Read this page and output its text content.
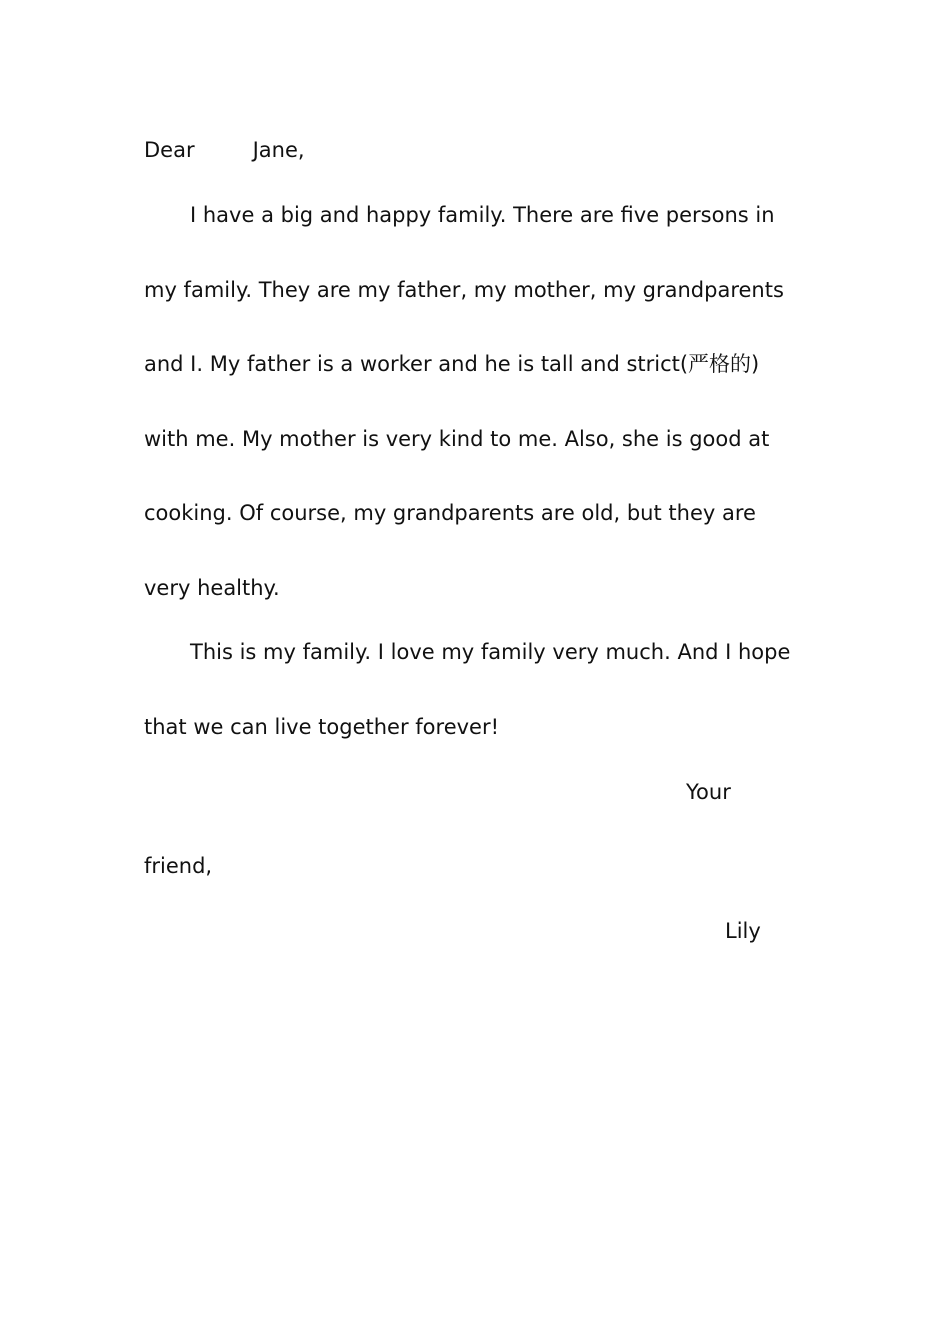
Dear	Jane,
I have a big and happy family. There are five persons in
my family. They are my father, my mother, my grandparents
and I. My father is a worker and he is tall and strict(严格的)
with me. My mother is very kind to me. Also, she is good at
cooking. Of course, my grandparents are old, but they are
very healthy.
This is my family. I love my family very much. And I hope
that we can live together forever!
Your
friend,
Lily
